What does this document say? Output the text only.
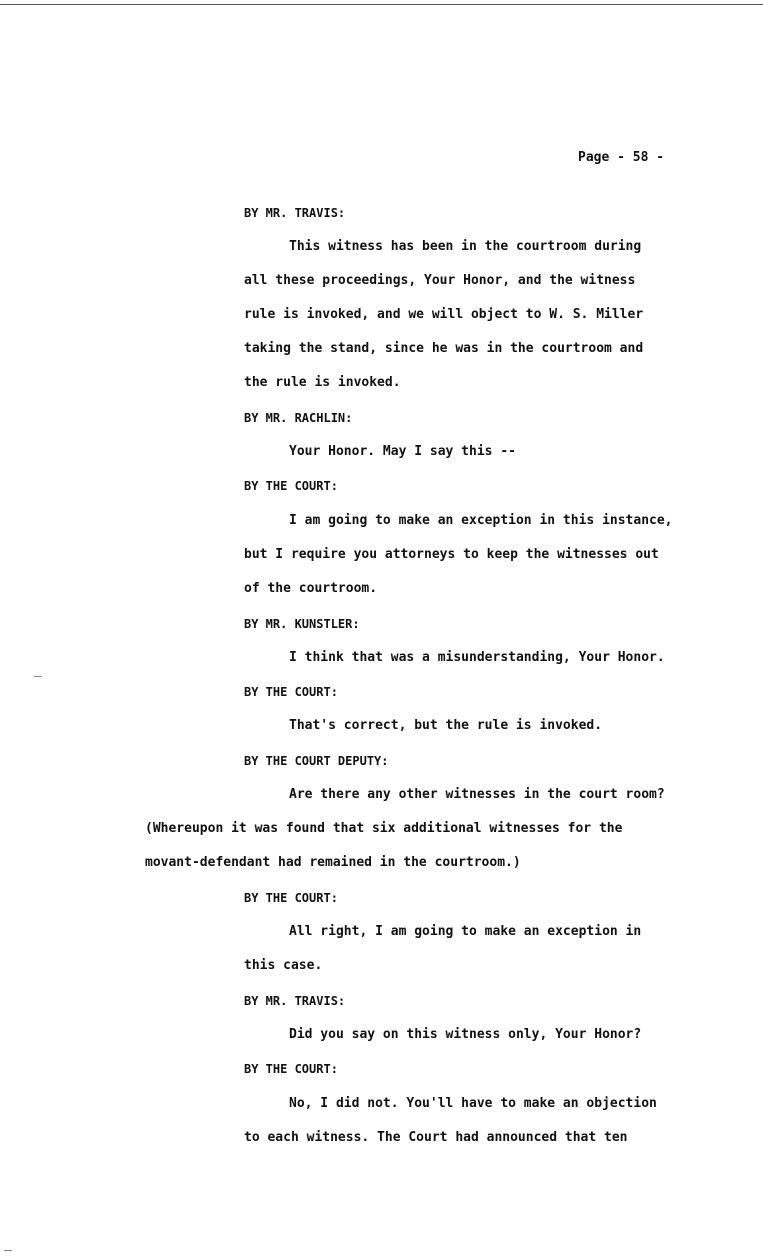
Page - 58 -
BY MR. TRAVIS:
This witness has been in the courtroom during
all these proceedings, Your Honor, and the witness
rule is invoked, and we will object to W. S. Miller
taking the stand, since he was in the courtroom and
the rule is invoked.
BY MR. RACHLIN:
Your Honor. May I say this --
BY THE COURT:
I am going to make an exception in this instance,
but I require you attorneys to keep the witnesses out
of the courtroom.
BY MR. KUNSTLER:
I think that was a misunderstanding, Your Honor.
BY THE COURT:
That's correct, but the rule is invoked.
BY THE COURT DEPUTY:
Are there any other witnesses in the court room?
(Whereupon it was found that six additional witnesses for the
movant-defendant had remained in the courtroom.)
BY THE COURT:
All right, I am going to make an exception in
this case.
BY MR. TRAVIS:
Did you say on this witness only, Your Honor?
BY THE COURT:
No, I did not. You'll have to make an objection
to each witness. The Court had announced that ten
